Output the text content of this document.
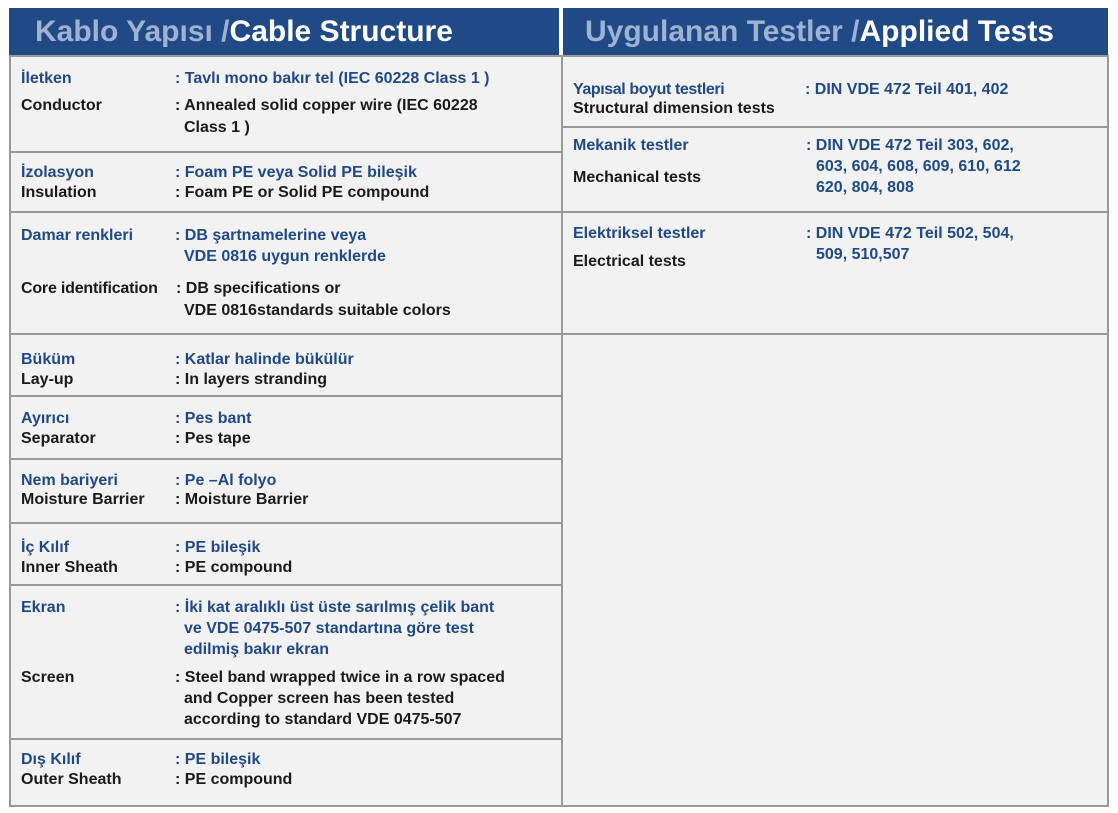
Kablo Yapısı / Cable Structure	Uygulanan Testler / Applied Tests
İletken	: Tavlı mono bakır tel (IEC 60228 Class 1 )
Conductor	: Annealed solid copper wire (IEC 60228
Class 1 )
İzolasyon	: Foam PE veya Solid PE bileşik
Insulation	: Foam PE or Solid PE compound
Damar renkleri	: DB şartnamelerine veya
VDE 0816 uygun renklerde
Core identification : DB specifications or
VDE 0816standards suitable colors
Büküm	: Katlar halinde bükülür
Lay-up	: In layers stranding
Ayırıcı	: Pes bant
Separator	: Pes tape
Nem bariyeri	: Pe –Al folyo
Moisture Barrier : Moisture Barrier
İç Kılıf	: PE bileşik
Inner Sheath	: PE compound
Ekran	: İki kat aralıklı üst üste sarılmış çelik bant
ve VDE 0475-507 standartına göre test
edilmiş bakır ekran
Screen	: Steel band wrapped twice in a row spaced
and Copper screen has been tested
according to standard VDE 0475-507
Dış Kılıf	: PE bileşik
Outer Sheath	: PE compound
Yapısal boyut testleri	: DIN VDE 472 Teil 401, 402
Structural dimension tests
Mekanik testler	: DIN VDE 472 Teil 303, 602,
603, 604, 608, 609, 610, 612
620, 804, 808
Mechanical tests
Elektriksel testler	: DIN VDE 472 Teil 502, 504,
509, 510,507
Electrical tests
